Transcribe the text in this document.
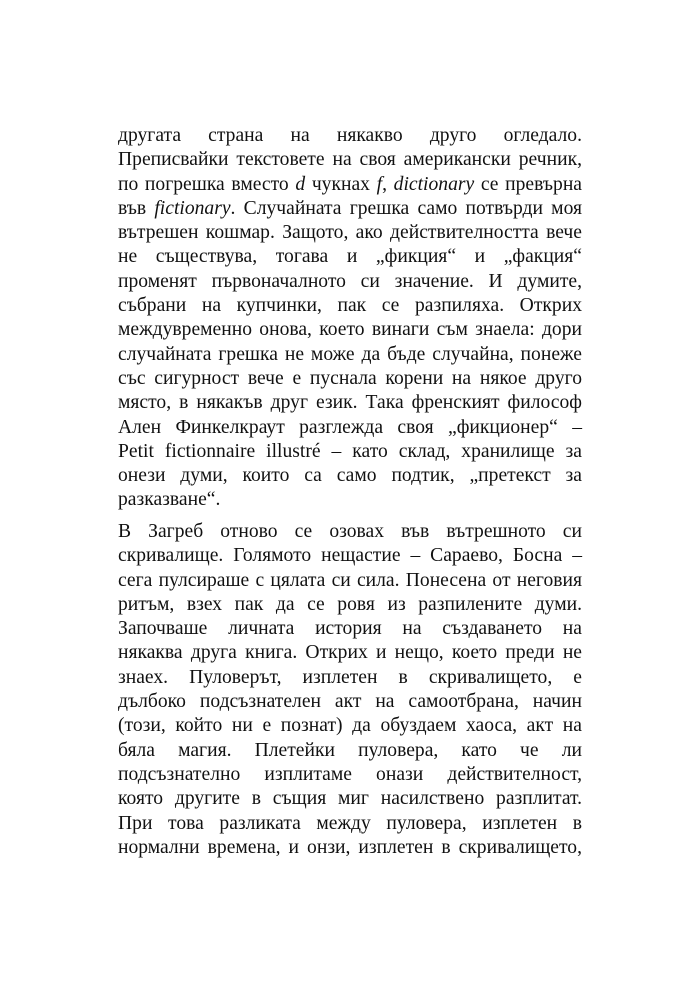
другата страна на някакво друго огледало.
Преписвайки текстовете на своя американски речник,
по погрешка вместо d чукнах f, dictionary се превърна
във fictionary. Случайната грешка само потвърди моя
вътрешен кошмар. Защото, ако действителността вече
не съществува, тогава и „фикция“ и „факция“
променят първоначалното си значение. И думите,
събрани на купчинки, пак се разпиляха. Открих
междувременно онова, което винаги съм знаела: дори
случайната грешка не може да бъде случайна, понеже
със сигурност вече е пуснала корени на някое друго
място, в някакъв друг език. Така френският философ
Ален Финкелкраут разглежда своя „фикционер“ –
Petit fictionnaire illustré – като склад, хранилище за
онези думи, които са само подтик, „претекст за
разказване“.
В Загреб отново се озовах във вътрешното си
скривалище. Голямото нещастие – Сараево, Босна –
сега пулсираше с цялата си сила. Понесена от неговия
ритъм, взех пак да се ровя из разпилените думи.
Започваше личната история на създаването на
някаква друга книга. Открих и нещо, което преди не
знаех. Пуловерът, изплетен в скривалището, е
дълбоко подсъзнателен акт на самоотбрана, начин
(този, който ни е познат) да обуздаем хаоса, акт на
бяла магия. Плетейки пуловера, като че ли
подсъзнателно изплитаме онази действителност,
която другите в същия миг насилствено разплитат.
При това разликата между пуловера, изплетен в
нормални времена, и онзи, изплетен в скривалището,
